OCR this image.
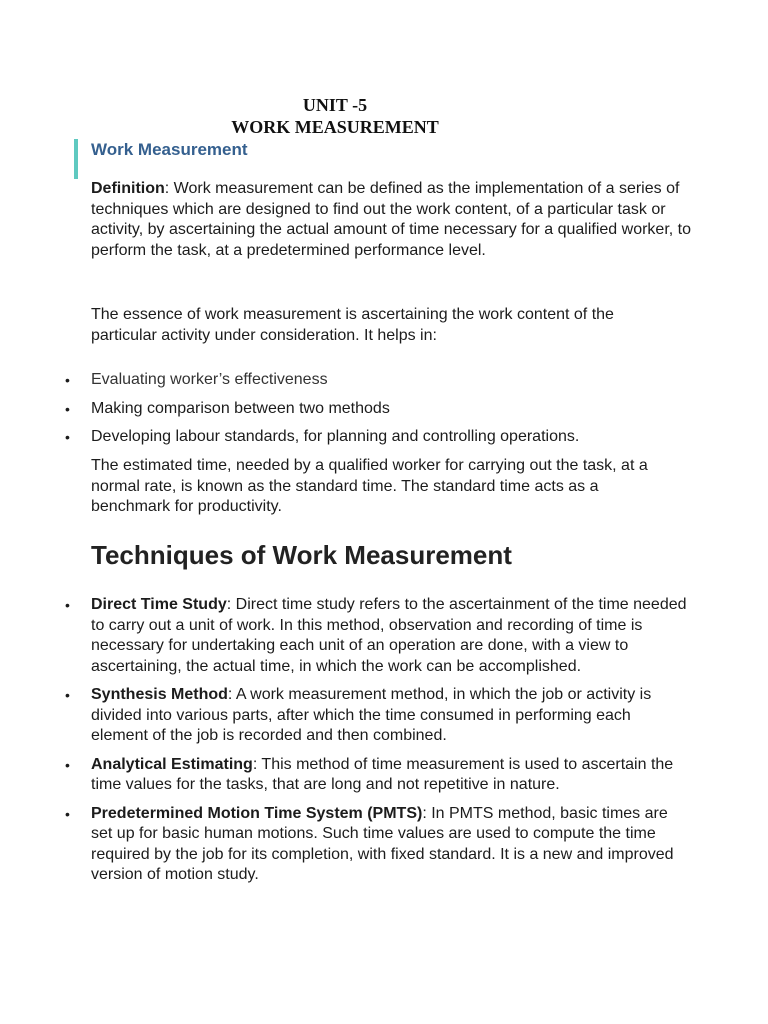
UNIT -5
WORK MEASUREMENT
Work Measurement
Definition: Work measurement can be defined as the implementation of a series of techniques which are designed to find out the work content, of a particular task or activity, by ascertaining the actual amount of time necessary for a qualified worker, to perform the task, at a predetermined performance level.
The essence of work measurement is ascertaining the work content of the particular activity under consideration. It helps in:
• Evaluating worker’s effectiveness
• Making comparison between two methods
• Developing labour standards, for planning and controlling operations.
The estimated time, needed by a qualified worker for carrying out the task, at a normal rate, is known as the standard time. The standard time acts as a benchmark for productivity.
Techniques of Work Measurement
• Direct Time Study: Direct time study refers to the ascertainment of the time needed to carry out a unit of work. In this method, observation and recording of time is necessary for undertaking each unit of an operation are done, with a view to ascertaining, the actual time, in which the work can be accomplished.
• Synthesis Method: A work measurement method, in which the job or activity is divided into various parts, after which the time consumed in performing each element of the job is recorded and then combined.
• Analytical Estimating: This method of time measurement is used to ascertain the time values for the tasks, that are long and not repetitive in nature.
• Predetermined Motion Time System (PMTS): In PMTS method, basic times are set up for basic human motions. Such time values are used to compute the time required by the job for its completion, with fixed standard. It is a new and improved version of motion study.
